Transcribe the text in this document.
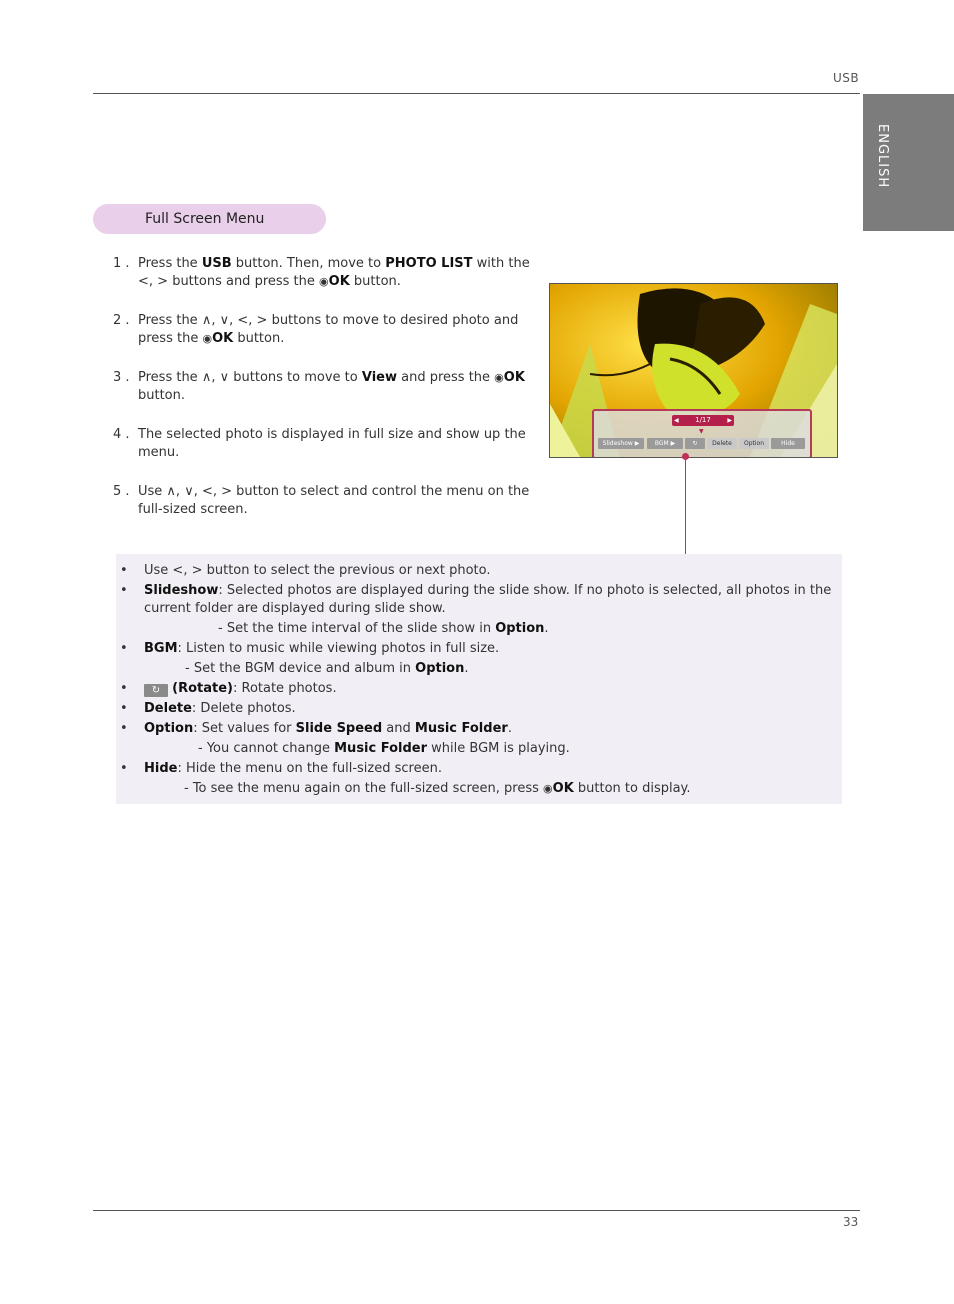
USB
ENGLISH
Full Screen Menu
1 . Press the USB button. Then, move to PHOTO LIST with the <, > buttons and press the ◉OK button.
2 . Press the ∧, ∨, <, > buttons to move to desired photo and press the ◉OK button.
3 . Press the ∧, ∨ buttons to move to View and press the ◉OK button.
4 . The selected photo is displayed in full size and show up the menu.
5 . Use ∧, ∨, <, > button to select and control the menu on the full-sized screen.
◀ 1/17	▶
▼
Slideshow ▶	BGM ▶	↻	Delete	Option	Hide
• Use <, > button to select the previous or next photo.
• Slideshow: Selected photos are displayed during the slide show. If no photo is selected, all photos in the current folder are displayed during slide show.
- Set the time interval of the slide show in Option.
• BGM: Listen to music while viewing photos in full size.
- Set the BGM device and album in Option.
• ↻ (Rotate): Rotate photos.
• Delete: Delete photos.
• Option: Set values for Slide Speed and Music Folder.
- You cannot change Music Folder while BGM is playing.
• Hide: Hide the menu on the full-sized screen.
- To see the menu again on the full-sized screen, press ◉OK button to display.
33
